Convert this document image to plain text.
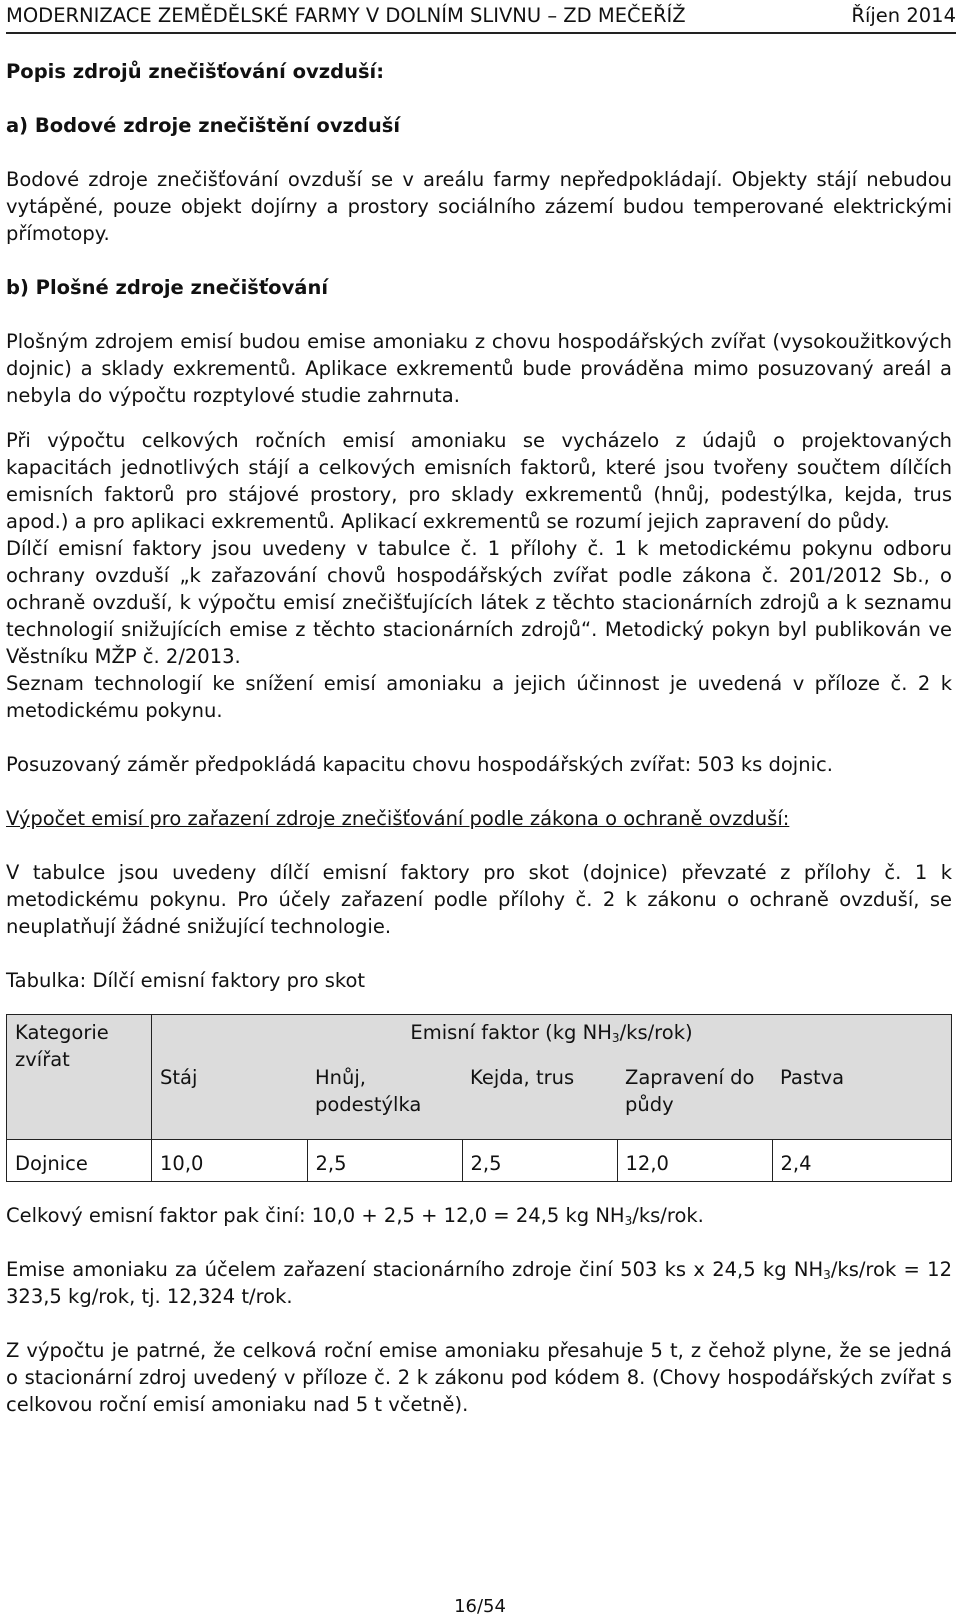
MODERNIZACE ZEMĚDĚLSKÉ FARMY V DOLNÍM SLIVNU – ZD MEČEŘÍŽ	Říjen 2014

Popis zdrojů znečišťování ovzduší:

a) Bodové zdroje znečištění ovzduší

Bodové zdroje znečišťování ovzduší se v areálu farmy nepředpokládají. Objekty stájí nebudou vytápěné, pouze objekt dojírny a prostory sociálního zázemí budou temperované elektrickými přímotopy.

b) Plošné zdroje znečišťování

Plošným zdrojem emisí budou emise amoniaku z chovu hospodářských zvířat (vysokoužitkových dojnic) a sklady exkrementů. Aplikace exkrementů bude prováděna mimo posuzovaný areál a nebyla do výpočtu rozptylové studie zahrnuta.

Při výpočtu celkových ročních emisí amoniaku se vycházelo z údajů o projektovaných kapacitách jednotlivých stájí a celkových emisních faktorů, které jsou tvořeny součtem dílčích emisních faktorů pro stájové prostory, pro sklady exkrementů (hnůj, podestýlka, kejda, trus apod.) a pro aplikaci exkrementů. Aplikací exkrementů se rozumí jejich zapravení do půdy.

Dílčí emisní faktory jsou uvedeny v tabulce č. 1 přílohy č. 1 k metodickému pokynu odboru ochrany ovzduší „k zařazování chovů hospodářských zvířat podle zákona č. 201/2012 Sb., o ochraně ovzduší, k výpočtu emisí znečišťujících látek z těchto stacionárních zdrojů a k seznamu technologií snižujících emise z těchto stacionárních zdrojů“. Metodický pokyn byl publikován ve Věstníku MŽP č. 2/2013.

Seznam technologií ke snížení emisí amoniaku a jejich účinnost je uvedená v příloze č. 2 k metodickému pokynu.

Posuzovaný záměr předpokládá kapacitu chovu hospodářských zvířat: 503 ks dojnic.

Výpočet emisí pro zařazení zdroje znečišťování podle zákona o ochraně ovzduší:

V tabulce jsou uvedeny dílčí emisní faktory pro skot (dojnice) převzaté z přílohy č. 1 k metodickému pokynu. Pro účely zařazení podle přílohy č. 2 k zákonu o ochraně ovzduší, se neuplatňují žádné snižující technologie.

Tabulka: Dílčí emisní faktory pro skot

Kategorie zvířat	Emisní faktor (kg $NH_3/ks/rok$)				
	Stáj	Hnůj, podestýlka	Kejda, trus	Zapravení do půdy	Pastva
Dojnice	10,0	2,5	2,5	12,0	2,4

Celkový emisní faktor pak činí: 10,0 + 2,5 + 12,0 = 24,5 kg $NH_3/ks$/rok.

Emise amoniaku za účelem zařazení stacionárního zdroje činí 503 ks x 24,5 kg $NH_3/ks$/rok = 12 323,5 kg/rok, tj. 12,324 t/rok.

Z výpočtu je patrné, že celková roční emise amoniaku přesahuje 5 t, z čehož plyne, že se jedná o stacionární zdroj uvedený v příloze č. 2 k zákonu pod kódem 8. (Chovy hospodářských zvířat s celkovou roční emisí amoniaku nad 5 t včetně).

16/54
